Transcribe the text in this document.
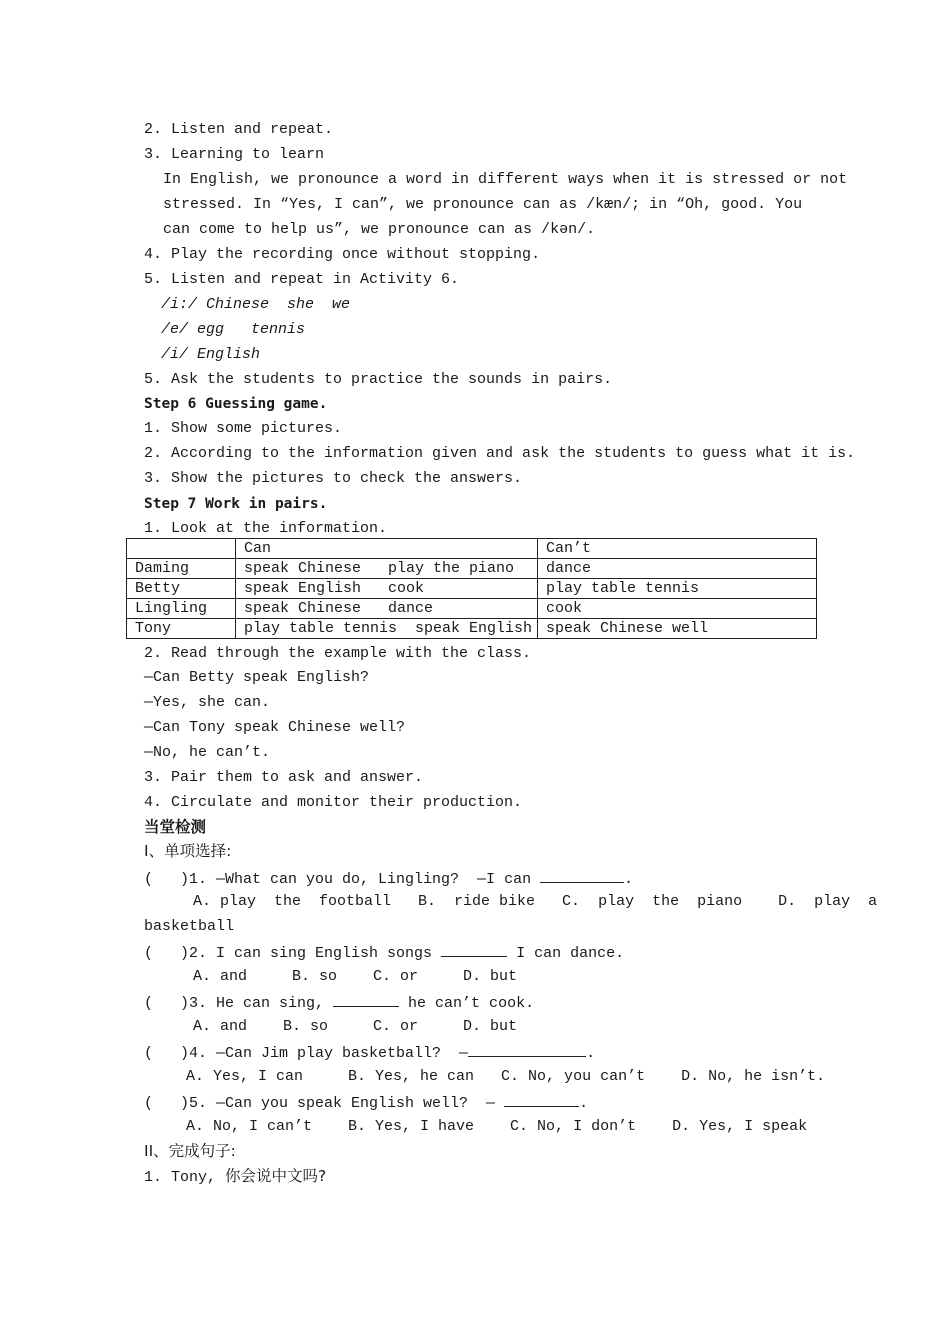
2. Listen and repeat.
3. Learning to learn
In English, we pronounce a word in different ways when it is stressed or not
stressed. In “Yes, I can”, we pronounce can as /kæn/; in “Oh, good. You
can come to help us”, we pronounce can as /kən/.
4. Play the recording once without stopping.
5. Listen and repeat in Activity 6.
/i:/ Chinese  she  we
/e/ egg   tennis
/i/ English
5. Ask the students to practice the sounds in pairs.
Step 6 Guessing game.
1. Show some pictures.
2. According to the information given and ask the students to guess what it is.
3. Show the pictures to check the answers.
Step 7 Work in pairs.
1. Look at the information.
	Can	Can’t
Daming	speak Chinese   play the piano	dance
Betty	speak English   cook	play table tennis
Lingling	speak Chinese   dance	cook
Tony	play table tennis  speak English	speak Chinese well
2. Read through the example with the class.
—Can Betty speak English?
—Yes, she can.
—Can Tony speak Chinese well?
—No, he can’t.
3. Pair them to ask and answer.
4. Circulate and monitor their production.
当堂检测
I、单项选择:
(   )1. —What can you do, Lingling?  —I can	.
A. play  the  football   B.  ride bike   C.  play  the  piano    D.  play  a
basketball
(   )2. I can sing English songs	I can dance.
A. and     B. so    C. or     D. but
(   )3. He can sing,	he can’t cook.
A. and    B. so     C. or     D. but
(   )4. —Can Jim play basketball?  —	.
A. Yes, I can     B. Yes, he can   C. No, you can’t    D. No, he isn’t.
(   )5. —Can you speak English well?  —	.
A. No, I can’t    B. Yes, I have    C. No, I don’t    D. Yes, I speak
II、完成句子:
1. Tony, 你会说中文吗?
